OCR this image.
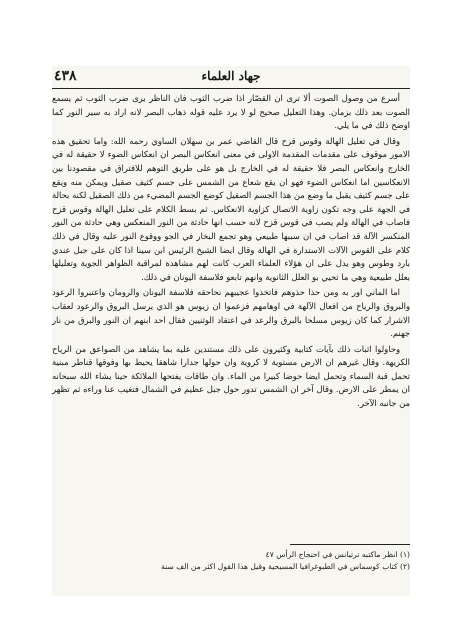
٤٣٨	جهاد العلماء

أسرع من وصول الصوت ألا ترى ان القصّار اذا ضرب الثوب فان الناظر يرى ضرب الثوب ثم يسمع الصوت بعد ذلك بزمان. وهذا التعليل صحيح لو لا يرد عليه قوله ذهاب البصر لانه اراد به سير النور كما اوضح ذلك في ما يلي.

وقال في تعليل الهالة وقوس قزح قال القاضي عمر بن سهلان الساوي رحمه الله: واما تحقيق هذه الامور موقوف على مقدمات المقدمة الاولى في معنى انعكاس البصر ان انعكاس الضوء لا حقيقة له في الخارج وانعكاس البصر فلا حقيقة له في الخارج بل هو على طريق التوهم للافتراق في مقصودنا بين الانعكاسين اما انعكاس الضوء فهو ان يقع شعاع من الشمس على جسم كثيف صقيل ويمكن منه ويقع على جسم كثيف يقبل ما وضع من هذا الجسم الصقيل كوضع الجسم المضيء من ذلك الصقيل لكنه بحالة في الجهة على وجه تكون زاوية الاتصال كزاوية الانعكاس. ثم بسط الكلام على تعليل الهالة وقوس قزح فاصاب في الهالة ولم يصب في قوس قزح لانه حسب انها حادثة من النور المنعكس وهي حادثة من النور المنكسر الآلة قد اصاب في ان سببها طبيعي وهو تجمع البخار في الجو ووقوع النور عليه وقال في ذلك كلام على القوس الآلات الاستدارة في الهالة وقال ايضا الشيخ الرئيس ابن سينا اذا كان على جبل عندي بارد وطوس وهو يدل على ان هؤلاء العلماء العرب كانت لهم مشاهدة لمراقبة الظواهر الجوية وتعليلها بعلل طبيعية وهي ما تحيي بو العلل الثانوية وانهم تابعو فلاسفة اليونان في ذلك.

اما الماني اور به ومن حذا حذوهم فاتخذوا عجيبهم نحاحقه فلاسفة اليونان والرومان واعتبروا الرعود والبروق والرياح من افعال الآلهة في اوهامهم فزعموا ان زيوس هو الذي يرسل البروق والرعود لعقاب الاشرار كما كان زيوس مسلحا بالبرق والرعد في اعتقاد الوثنيين فقال احد ابنهم ان النور والبرق من نار جهنم.

وحاولوا اثبات ذلك بآيات كتابية وكثيرون على ذلك مستندين عليه بما يشاهد من الصواعق من الرياح الكريهة. وقال غيرهم ان الارض مستوية لا كروية وان حولها جدارا شاهقا يحيط بها وفوقها قناطر مبنية تحمل قبة السماء وتحمل ايضا حوضا كبيرا من الماء. وان طاقات يفتحها الملائكة حينا يشاء الله سبحانه ان يمطر على الارض. وقال آخر ان الشمس تدور حول جبل عظيم في الشمال فتغيب عنا وراءه ثم تظهر من جانبه الآخر.

(١) انظر ماكتبه ترتيانس في احتجاج الرأس ٤٧
(٢) كتاب كوسماس في الطبوغرافيا المسيحية وقيل هذا القول اكثر من الف سنة
